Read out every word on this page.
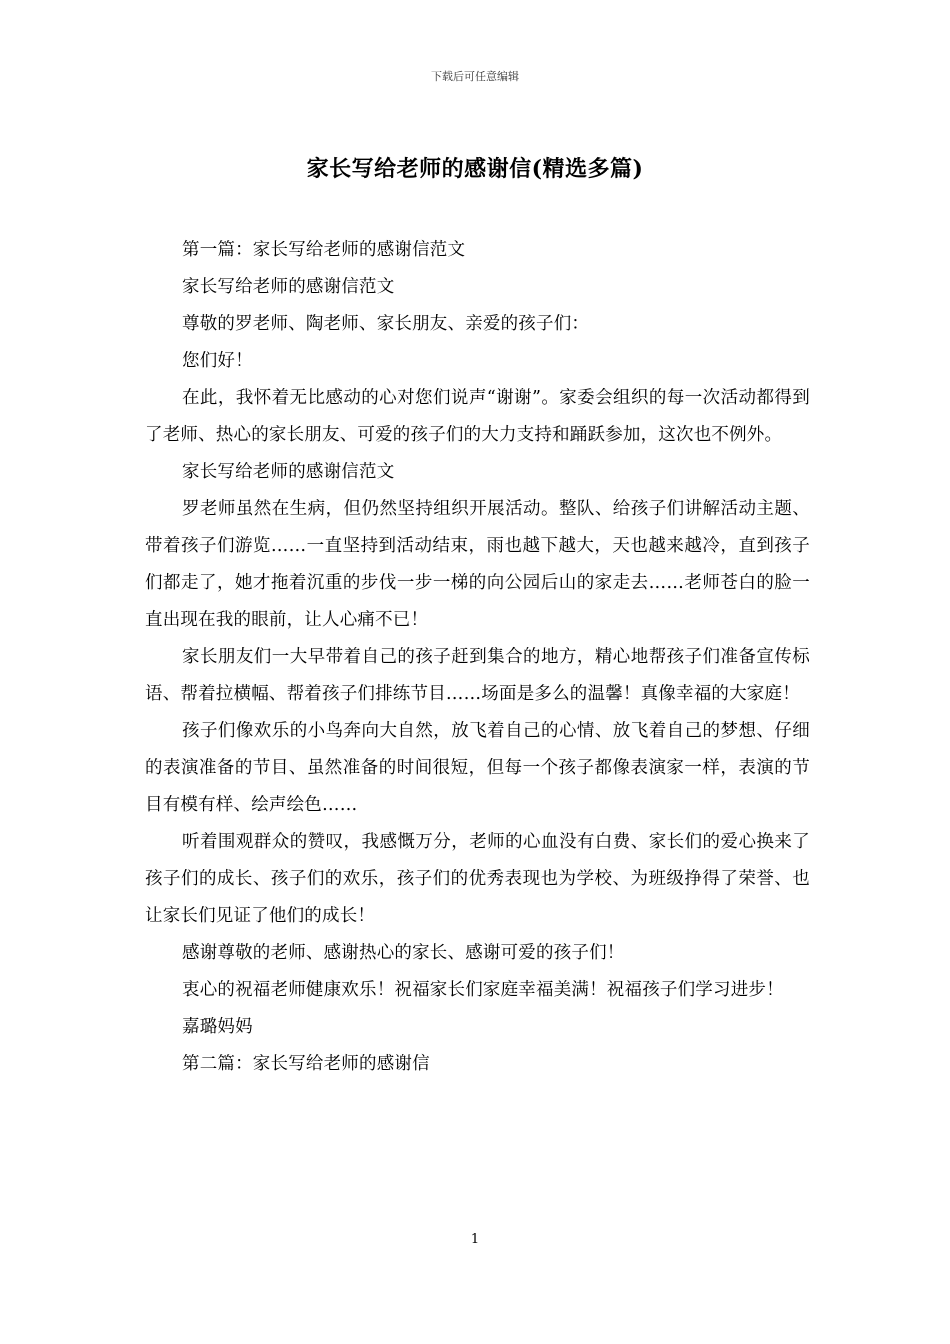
下载后可任意编辑
家长写给老师的感谢信(精选多篇)

第一篇：家长写给老师的感谢信范文

家长写给老师的感谢信范文

尊敬的罗老师、陶老师、家长朋友、亲爱的孩子们：

您们好！

在此，我怀着无比感动的心对您们说声“谢谢”。家委会组织的每一次活动都得到了老师、热心的家长朋友、可爱的孩子们的大力支持和踊跃参加，这次也不例外。

家长写给老师的感谢信范文

罗老师虽然在生病，但仍然坚持组织开展活动。整队、给孩子们讲解活动主题、带着孩子们游览……一直坚持到活动结束，雨也越下越大，天也越来越冷，直到孩子们都走了，她才拖着沉重的步伐一步一梯的向公园后山的家走去……老师苍白的脸一直出现在我的眼前，让人心痛不已！

家长朋友们一大早带着自己的孩子赶到集合的地方，精心地帮孩子们准备宣传标语、帮着拉横幅、帮着孩子们排练节目……场面是多么的温馨！真像幸福的大家庭！

孩子们像欢乐的小鸟奔向大自然，放飞着自己的心情、放飞着自己的梦想、仔细的表演准备的节目、虽然准备的时间很短，但每一个孩子都像表演家一样，表演的节目有模有样、绘声绘色……

听着围观群众的赞叹，我感慨万分，老师的心血没有白费、家长们的爱心换来了孩子们的成长、孩子们的欢乐，孩子们的优秀表现也为学校、为班级挣得了荣誉、也让家长们见证了他们的成长！

感谢尊敬的老师、感谢热心的家长、感谢可爱的孩子们！

衷心的祝福老师健康欢乐！祝福家长们家庭幸福美满！祝福孩子们学习进步！

嘉璐妈妈

第二篇：家长写给老师的感谢信

1
